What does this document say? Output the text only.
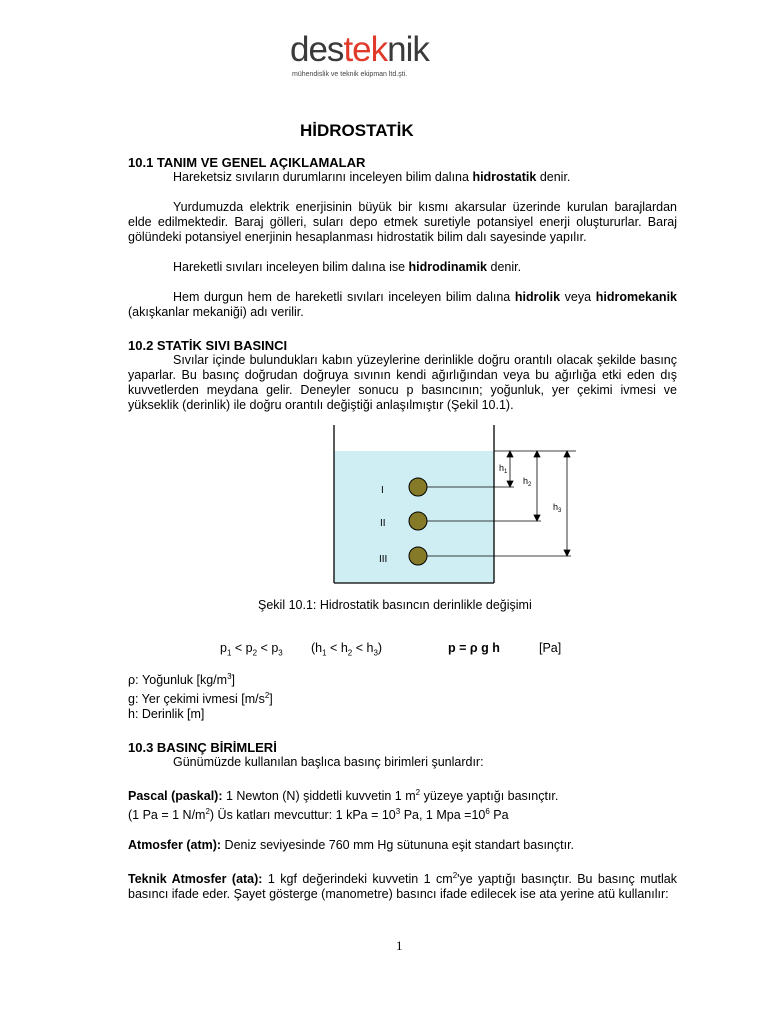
desteknik
mühendislik ve teknik ekipman ltd.şti.
HİDROSTATİK
10.1 TANIM VE GENEL AÇIKLAMALAR

Hareketsiz sıvıların durumlarını inceleyen bilim dalına hidrostatik denir.

Yurdumuzda elektrik enerjisinin büyük bir kısmı akarsular üzerinde kurulan barajlardan elde edilmektedir. Baraj gölleri, suları depo etmek suretiyle potansiyel enerji oluştururlar. Baraj gölündeki potansiyel enerjinin hesaplanması hidrostatik bilim dalı sayesinde yapılır.

Hareketli sıvıları inceleyen bilim dalına ise hidrodinamik denir.

Hem durgun hem de hareketli sıvıları inceleyen bilim dalına hidrolik veya hidromekanik (akışkanlar mekaniği) adı verilir.

10.2 STATİK SIVI BASINCI

Sıvılar içinde bulundukları kabın yüzeylerine derinlikle doğru orantılı olacak şekilde basınç yaparlar. Bu basınç doğrudan doğruya sıvının kendi ağırlığından veya bu ağırlığa etki eden dış kuvvetlerden meydana gelir. Deneyler sonucu p basıncının; yoğunluk, yer çekimi ivmesi ve yükseklik (derinlik) ile doğru orantılı değiştiği anlaşılmıştır (Şekil 10.1).

I
II
III
$h_1$
$h_2$
$h_3$
Şekil 10.1: Hidrostatik basıncın derinlikle değişimi
$p_1 < p_2 < p_3$ $(h_1 < h_2 < h_3)$	p = ρ g h	[Pa]

ρ: Yoğunluk $[kg/m^3]$

g: Yer çekimi ivmesi $[m/s^2]$

h: Derinlik [m]

10.3 BASINÇ BİRİMLERİ

Günümüzde kullanılan başlıca basınç birimleri şunlardır:

Pascal (paskal): 1 Newton (N) şiddetli kuvvetin 1 $m^2$ yüzeye yaptığı basınçtır.

(1 Pa = 1 $N/m^2$) Üs katları mevcuttur: 1 kPa = $10^3$ Pa, 1 Mpa $=10^6$ Pa

Atmosfer (atm): Deniz seviyesinde 760 mm Hg sütununa eşit standart basınçtır.

Teknik Atmosfer (ata): 1 kgf değerindeki kuvvetin 1 $cm^2'ye$ yaptığı basınçtır. Bu basınç mutlak basıncı ifade eder. Şayet gösterge (manometre) basıncı ifade edilecek ise ata yerine atü kullanılır:

1
